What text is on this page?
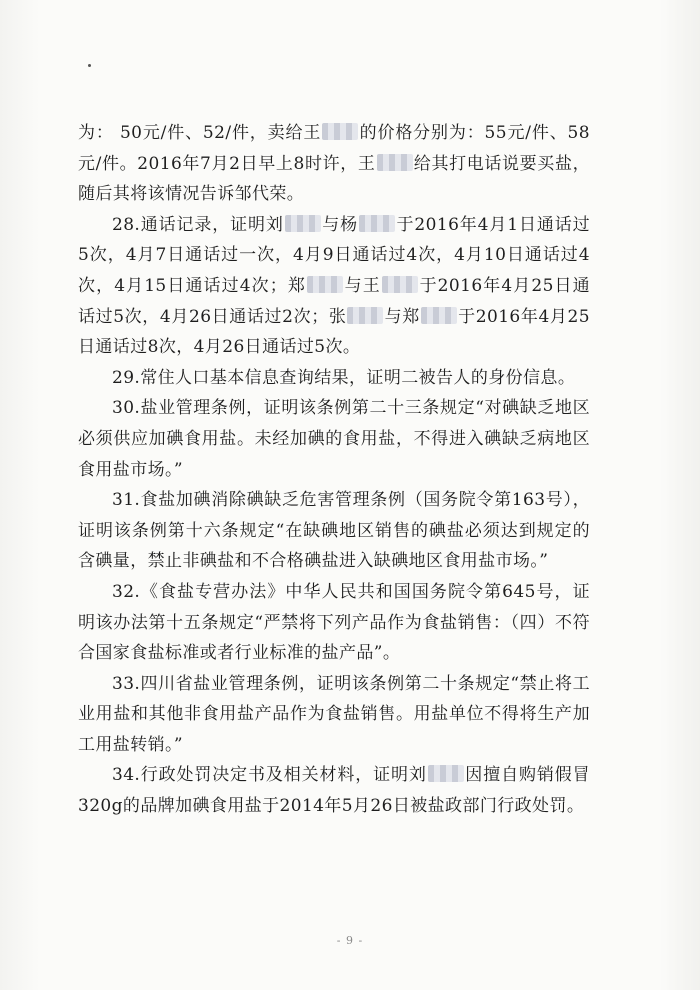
为： 50元/件、52/件，卖给王 的价格分别为：55元/件、58元/件。2016年7月2日早上8时许，王 给其打电话说要买盐，随后其将该情况告诉邹代荣。

28.通话记录，证明刘 与杨 于2016年4月1日通话过5次，4月7日通话过一次，4月9日通话过4次，4月10日通话过4次，4月15日通话过4次；郑 与王 于2016年4月25日通话过5次，4月26日通话过2次；张 与郑 于2016年4月25日通话过8次，4月26日通话过5次。

29.常住人口基本信息查询结果，证明二被告人的身份信息。

30.盐业管理条例，证明该条例第二十三条规定“对碘缺乏地区必须供应加碘食用盐。未经加碘的食用盐，不得进入碘缺乏病地区食用盐市场。”

31.食盐加碘消除碘缺乏危害管理条例（国务院令第163号），证明该条例第十六条规定“在缺碘地区销售的碘盐必须达到规定的含碘量，禁止非碘盐和不合格碘盐进入缺碘地区食用盐市场。”

32.《食盐专营办法》中华人民共和国国务院令第645号，证明该办法第十五条规定“严禁将下列产品作为食盐销售：（四）不符合国家食盐标准或者行业标准的盐产品”。

33.四川省盐业管理条例，证明该条例第二十条规定“禁止将工业用盐和其他非食用盐产品作为食盐销售。用盐单位不得将生产加工用盐转销。”

34.行政处罚决定书及相关材料，证明刘 因擅自购销假冒320g的品牌加碘食用盐于2014年5月26日被盐政部门行政处罚。

- 9 -
